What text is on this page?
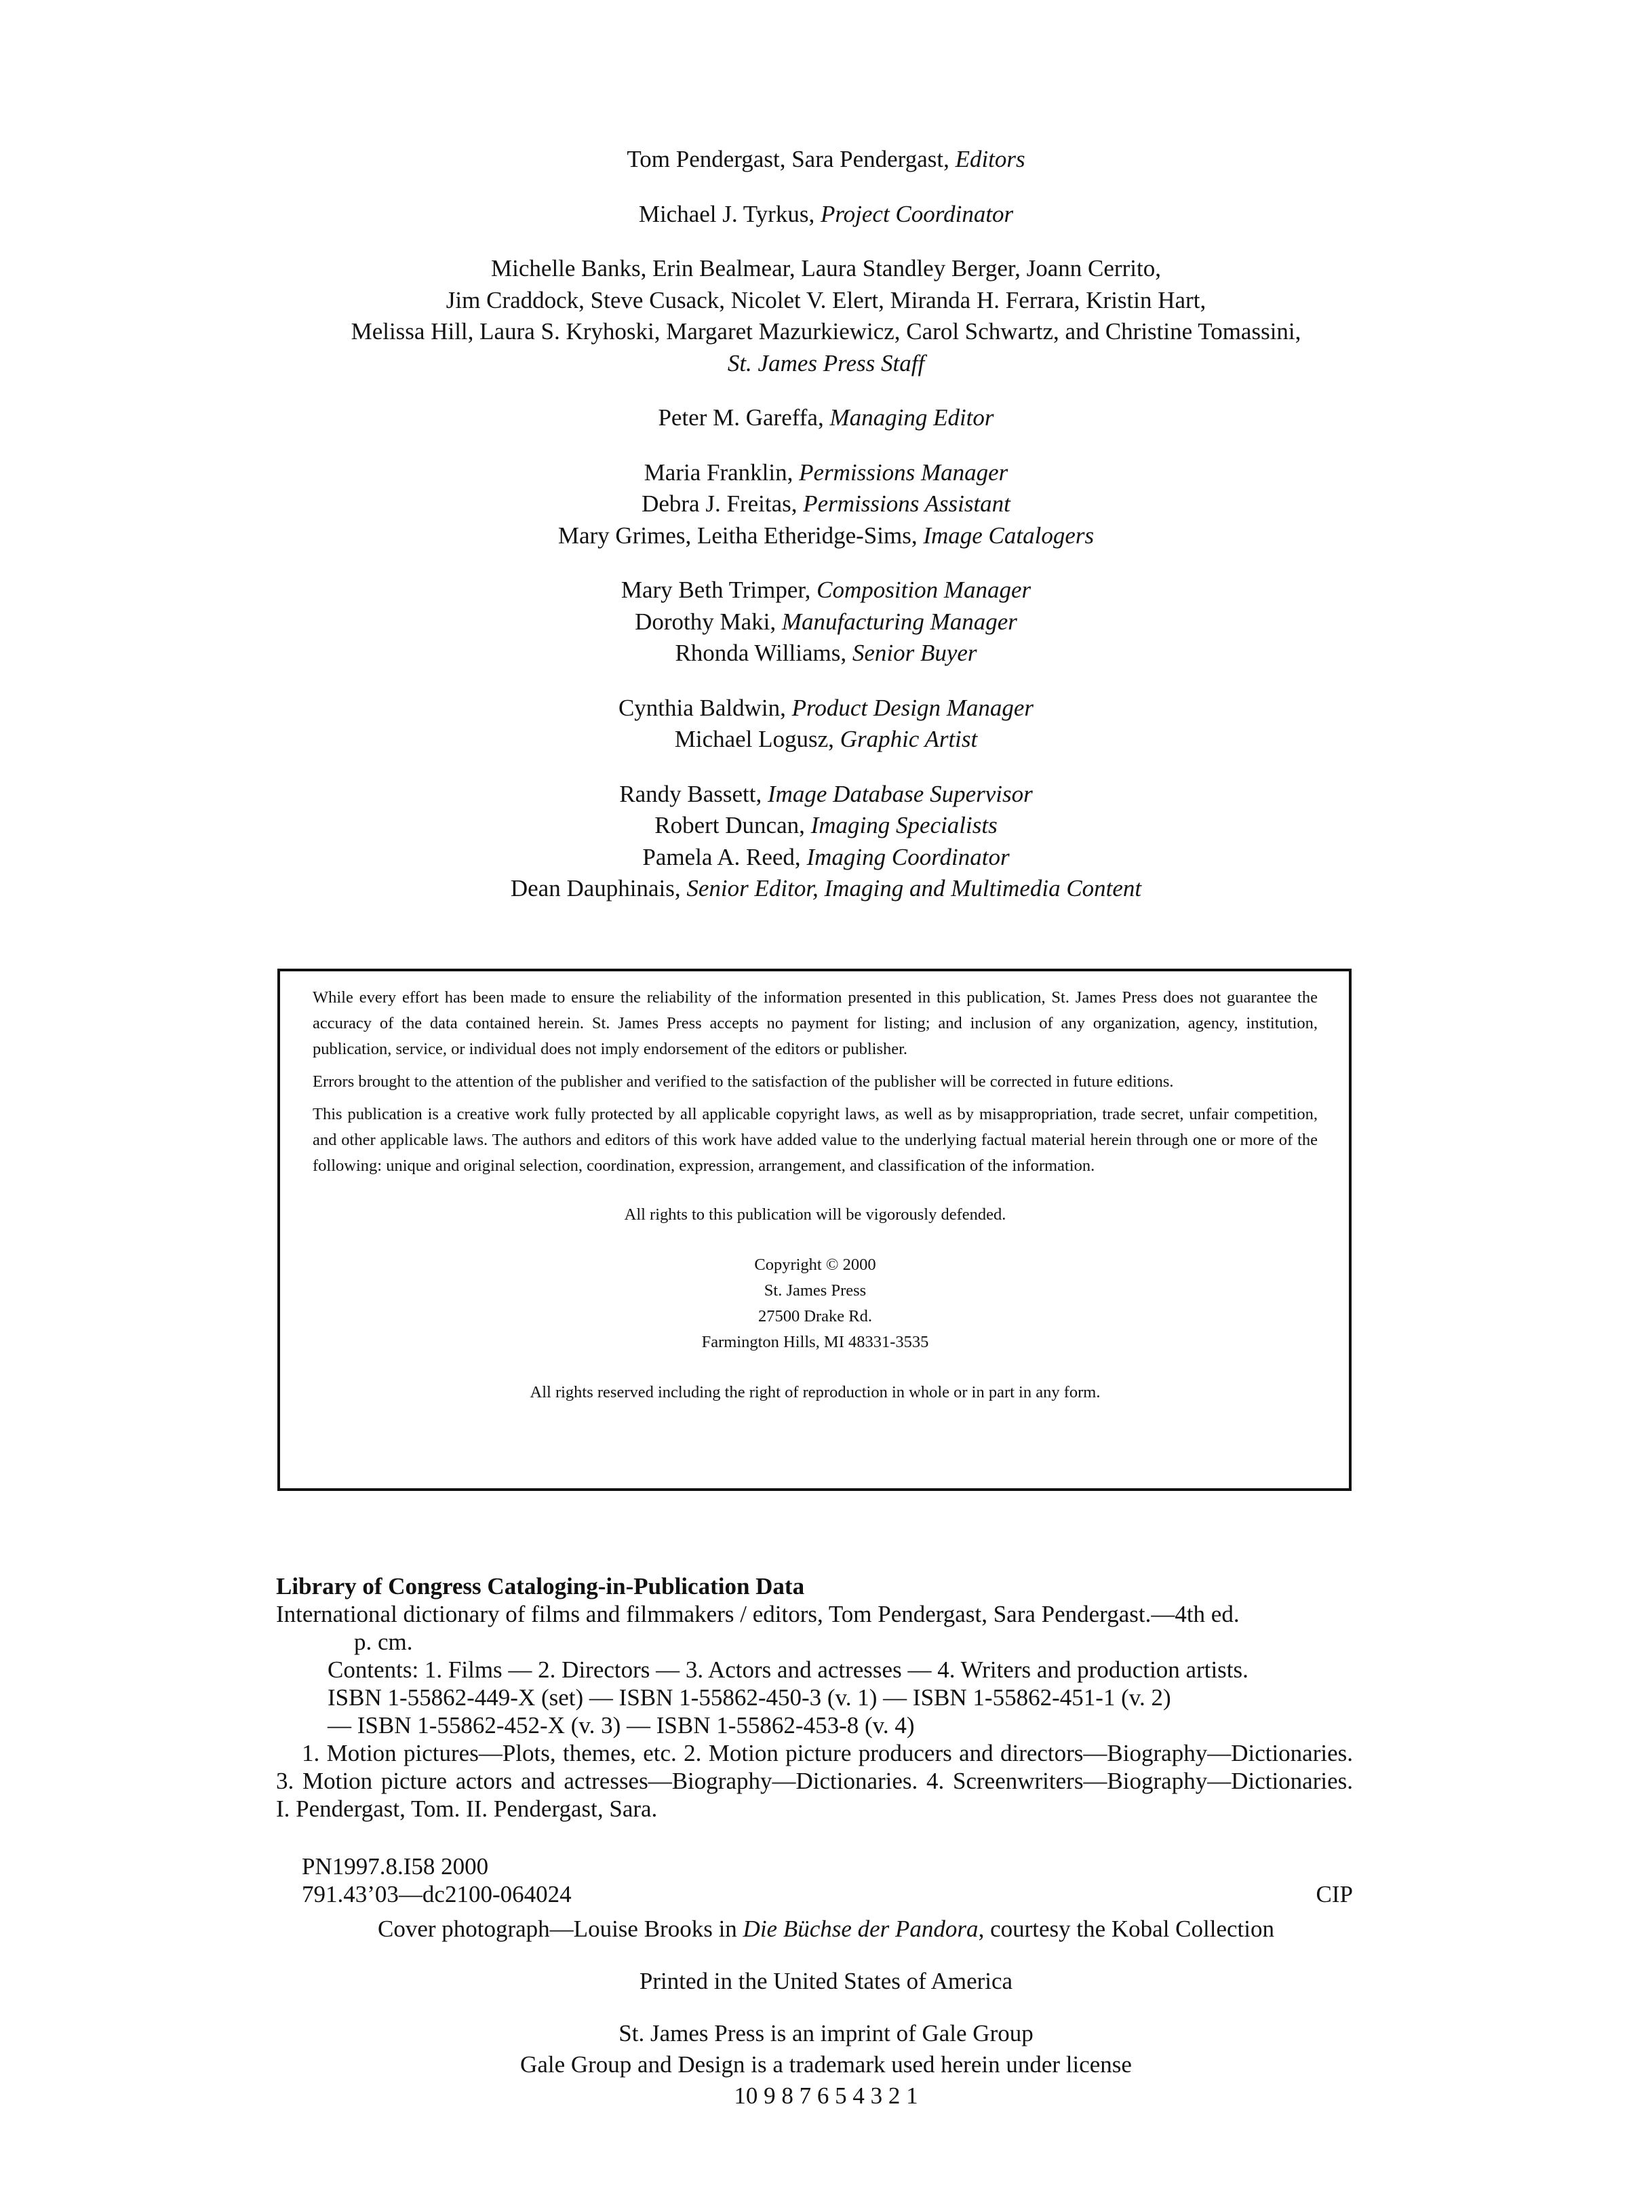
Tom Pendergast, Sara Pendergast, Editors
Michael J. Tyrkus, Project Coordinator
Michelle Banks, Erin Bealmear, Laura Standley Berger, Joann Cerrito,
Jim Craddock, Steve Cusack, Nicolet V. Elert, Miranda H. Ferrara, Kristin Hart,
Melissa Hill, Laura S. Kryhoski, Margaret Mazurkiewicz, Carol Schwartz, and Christine Tomassini,
St. James Press Staff
Peter M. Gareffa, Managing Editor
Maria Franklin, Permissions Manager
Debra J. Freitas, Permissions Assistant
Mary Grimes, Leitha Etheridge-Sims, Image Catalogers
Mary Beth Trimper, Composition Manager
Dorothy Maki, Manufacturing Manager
Rhonda Williams, Senior Buyer
Cynthia Baldwin, Product Design Manager
Michael Logusz, Graphic Artist
Randy Bassett, Image Database Supervisor
Robert Duncan, Imaging Specialists
Pamela A. Reed, Imaging Coordinator
Dean Dauphinais, Senior Editor, Imaging and Multimedia Content

While every effort has been made to ensure the reliability of the information presented in this publication, St. James Press does not guarantee the accuracy of the data contained herein. St. James Press accepts no payment for listing; and inclusion of any organization, agency, institution, publication, service, or individual does not imply endorsement of the editors or publisher.

Errors brought to the attention of the publisher and verified to the satisfaction of the publisher will be corrected in future editions.

This publication is a creative work fully protected by all applicable copyright laws, as well as by misappropriation, trade secret, unfair competition, and other applicable laws. The authors and editors of this work have added value to the underlying factual material herein through one or more of the following: unique and original selection, coordination, expression, arrangement, and classification of the information.

All rights to this publication will be vigorously defended.

Copyright © 2000
St. James Press
27500 Drake Rd.
Farmington Hills, MI 48331-3535

All rights reserved including the right of reproduction in whole or in part in any form.

Library of Congress Cataloging-in-Publication Data
International dictionary of films and filmmakers / editors, Tom Pendergast, Sara Pendergast.—4th ed.
p. cm.
Contents: 1. Films — 2. Directors — 3. Actors and actresses — 4. Writers and production artists.
ISBN 1-55862-449-X (set) — ISBN 1-55862-450-3 (v. 1) — ISBN 1-55862-451-1 (v. 2)
— ISBN 1-55862-452-X (v. 3) — ISBN 1-55862-453-8 (v. 4)

1. Motion pictures—Plots, themes, etc. 2. Motion picture producers and directors—Biography—Dictionaries. 3. Motion picture actors and actresses—Biography—Dictionaries. 4. Screenwriters—Biography—Dictionaries. I. Pendergast, Tom. II. Pendergast, Sara.

PN1997.8.I58 2000
791.43’03—dc2100-064024	CIP
Cover photograph—Louise Brooks in Die Büchse der Pandora, courtesy the Kobal Collection
Printed in the United States of America
St. James Press is an imprint of Gale Group
Gale Group and Design is a trademark used herein under license
10 9 8 7 6 5 4 3 2 1
